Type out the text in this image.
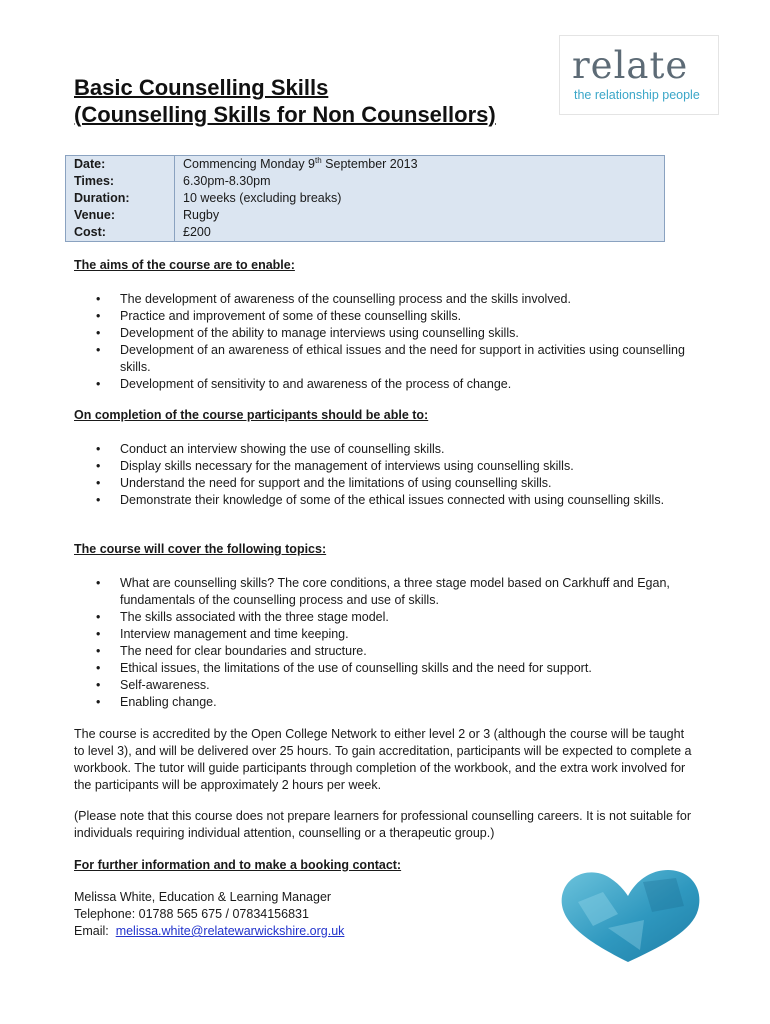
Basic Counselling Skills
(Counselling Skills for Non Counsellors)
relate
the relationship people
Date:	Commencing Monday 9th September 2013
Times:	6.30pm-8.30pm
Duration:	10 weeks (excluding breaks)
Venue:	Rugby
Cost:	£200
The aims of the course are to enable:
• The development of awareness of the counselling process and the skills involved.
• Practice and improvement of some of these counselling skills.
• Development of the ability to manage interviews using counselling skills.
• Development of an awareness of ethical issues and the need for support in activities using counselling skills.
• Development of sensitivity to and awareness of the process of change.
On completion of the course participants should be able to:
• Conduct an interview showing the use of counselling skills.
• Display skills necessary for the management of interviews using counselling skills.
• Understand the need for support and the limitations of using counselling skills.
• Demonstrate their knowledge of some of the ethical issues connected with using counselling skills.
The course will cover the following topics:
• What are counselling skills? The core conditions, a three stage model based on Carkhuff and Egan, fundamentals of the counselling process and use of skills.
• The skills associated with the three stage model.
• Interview management and time keeping.
• The need for clear boundaries and structure.
• Ethical issues, the limitations of the use of counselling skills and the need for support.
• Self-awareness.
• Enabling change.

The course is accredited by the Open College Network to either level 2 or 3 (although the course will be taught to level 3), and will be delivered over 25 hours. To gain accreditation, participants will be expected to complete a workbook. The tutor will guide participants through completion of the workbook, and the extra work involved for the participants will be approximately 2 hours per week.

(Please note that this course does not prepare learners for professional counselling careers. It is not suitable for individuals requiring individual attention, counselling or a therapeutic group.)

For further information and to make a booking contact:
Melissa White, Education & Learning Manager
Telephone: 01788 565 675 / 07834156831
Email:  melissa.white@relatewarwickshire.org.uk
